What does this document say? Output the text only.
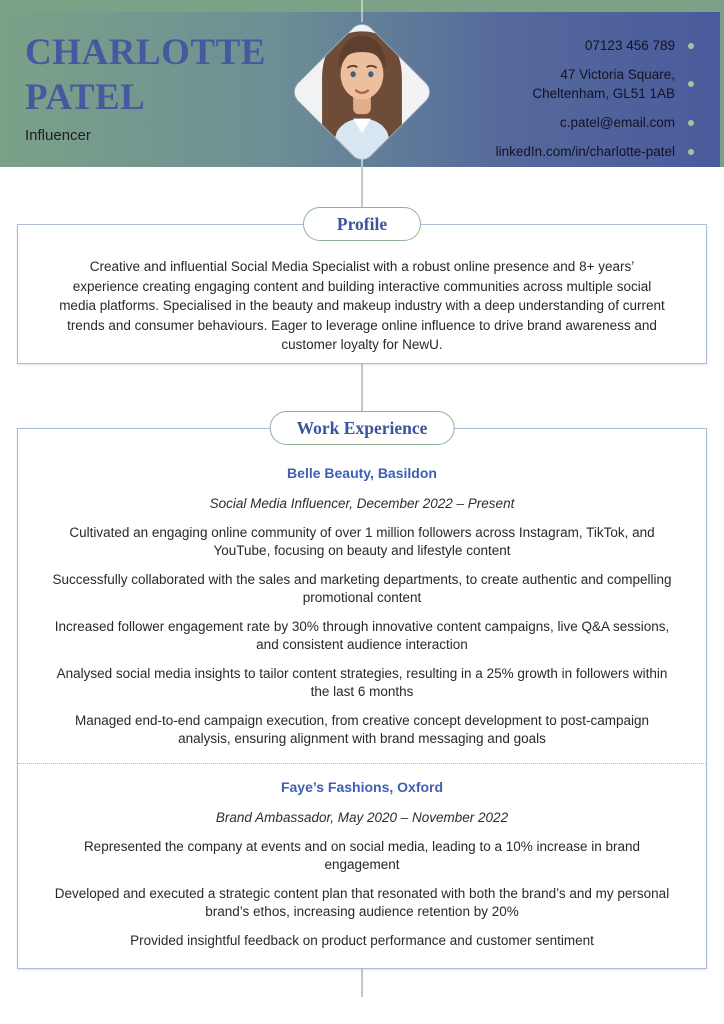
CHARLOTTE
PATEL
Influencer
07123 456 789
47 Victoria Square,
Cheltenham, GL51 1AB
c.patel@email.com
linkedIn.com/in/charlotte-patel
Profile
Creative and influential Social Media Specialist with a robust online presence and 8+ years’ experience creating engaging content and building interactive communities across multiple social media platforms. Specialised in the beauty and makeup industry with a deep understanding of current trends and consumer behaviours. Eager to leverage online influence to drive brand awareness and customer loyalty for NewU.
Work Experience
Belle Beauty, Basildon
Social Media Influencer, December 2022 – Present
Cultivated an engaging online community of over 1 million followers across Instagram, TikTok, and YouTube, focusing on beauty and lifestyle content
Successfully collaborated with the sales and marketing departments, to create authentic and compelling promotional content
Increased follower engagement rate by 30% through innovative content campaigns, live Q&A sessions, and consistent audience interaction
Analysed social media insights to tailor content strategies, resulting in a 25% growth in followers within the last 6 months
Managed end-to-end campaign execution, from creative concept development to post-campaign analysis, ensuring alignment with brand messaging and goals
Faye’s Fashions, Oxford
Brand Ambassador, May 2020 – November 2022
Represented the company at events and on social media, leading to a 10% increase in brand engagement
Developed and executed a strategic content plan that resonated with both the brand’s and my personal brand’s ethos, increasing audience retention by 20%
Provided insightful feedback on product performance and customer sentiment
